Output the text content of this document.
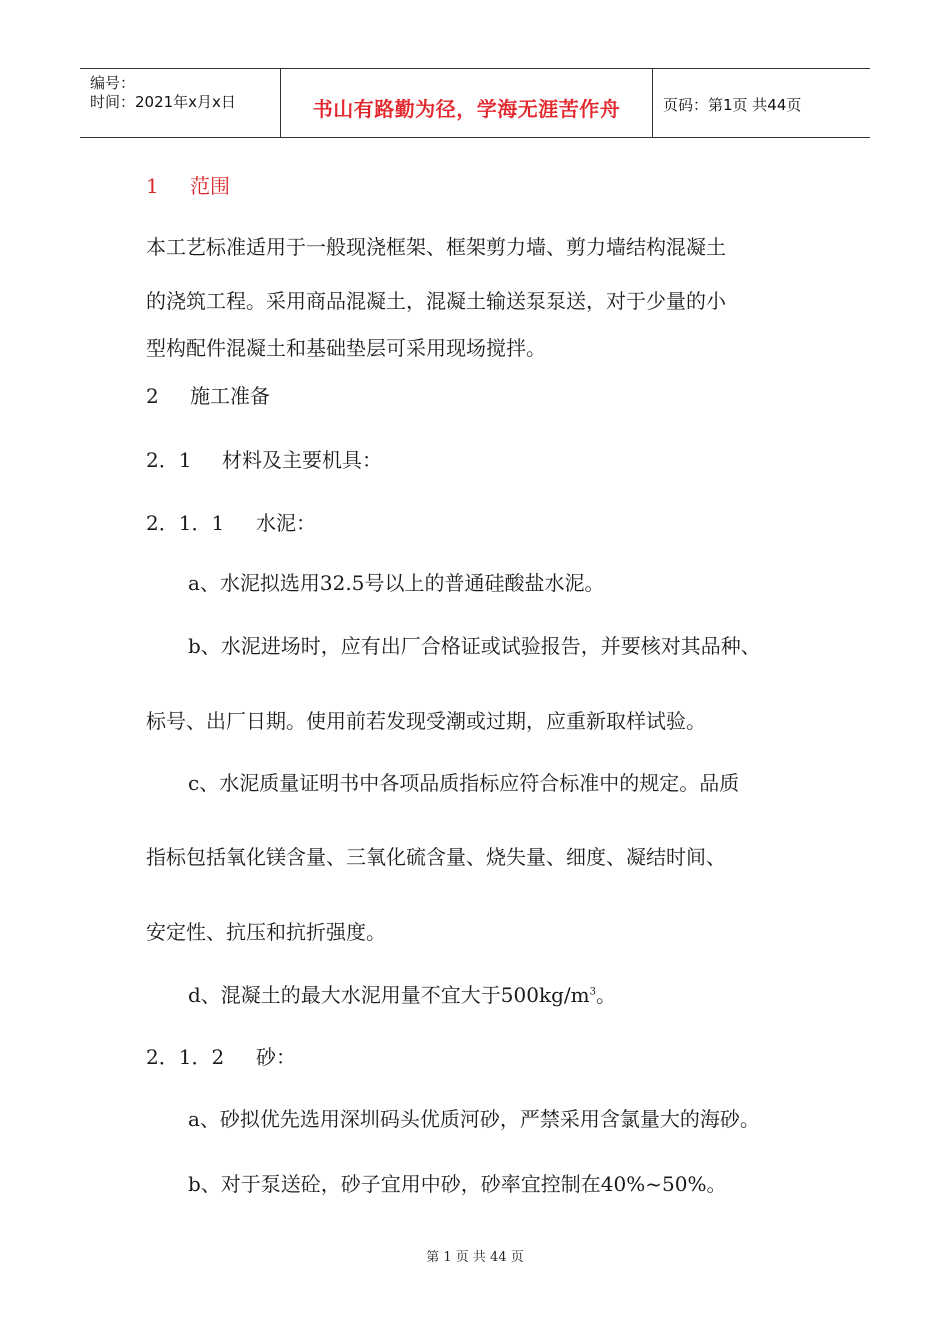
编号：
时间：2021年x月x日	书山有路勤为径，学海无涯苦作舟	页码：第1页 共44页
1 范围
本工艺标准适用于一般现浇框架、框架剪力墙、剪力墙结构混凝土
的浇筑工程。采用商品混凝土，混凝土输送泵泵送，对于少量的小
型构配件混凝土和基础垫层可采用现场搅拌。
2 施工准备
2．1 材料及主要机具：
2．1．1 水泥：
a、水泥拟选用32.5号以上的普通硅酸盐水泥。
b、水泥进场时，应有出厂合格证或试验报告，并要核对其品种、
标号、出厂日期。使用前若发现受潮或过期，应重新取样试验。
c、水泥质量证明书中各项品质指标应符合标准中的规定。品质
指标包括氧化镁含量、三氧化硫含量、烧失量、细度、凝结时间、
安定性、抗压和抗折强度。
d、混凝土的最大水泥用量不宜大于$500kg/m^3$。
2．1．2 砂：
a、砂拟优先选用深圳码头优质河砂，严禁采用含氯量大的海砂。
b、对于泵送砼，砂子宜用中砂，砂率宜控制在40%~50%。
第 1 页 共 44 页
